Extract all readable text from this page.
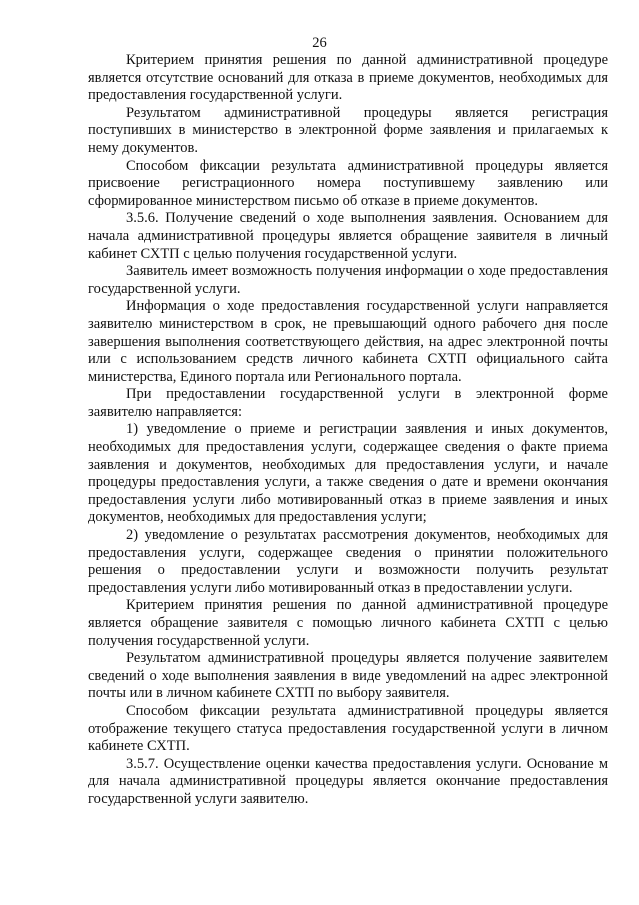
26

Критерием принятия решения по данной административной процедуре является отсутствие оснований для отказа в приеме документов, необходимых для предоставления государственной услуги.

Результатом административной процедуры является регистрация поступивших в министерство в электронной форме заявления и прилагаемых к нему документов.

Способом фиксации результата административной процедуры является присвоение регистрационного номера поступившему заявлению или сформированное министерством письмо об отказе в приеме документов.

3.5.6. Получение сведений о ходе выполнения заявления. Основанием для начала административной процедуры является обращение заявителя в личный кабинет СХТП с целью получения государственной услуги.

Заявитель имеет возможность получения информации о ходе предоставления государственной услуги.

Информация о ходе предоставления государственной услуги направляется заявителю министерством в срок, не превышающий одного рабочего дня после завершения выполнения соответствующего действия, на адрес электронной почты или с использованием средств личного кабинета СХТП официального сайта министерства, Единого портала или Регионального портала.

При предоставлении государственной услуги в электронной форме заявителю направляется:

1) уведомление о приеме и регистрации заявления и иных документов, необходимых для предоставления услуги, содержащее сведения о факте приема заявления и документов, необходимых для предоставления услуги, и начале процедуры предоставления услуги, а также сведения о дате и времени окончания предоставления услуги либо мотивированный отказ в приеме заявления и иных документов, необходимых для предоставления услуги;

2) уведомление о результатах рассмотрения документов, необходимых для предоставления услуги, содержащее сведения о принятии положительного решения о предоставлении услуги и возможности получить результат предоставления услуги либо мотивированный отказ в предоставлении услуги.

Критерием принятия решения по данной административной процедуре является обращение заявителя с помощью личного кабинета СХТП с целью получения государственной услуги.

Результатом административной процедуры является получение заявителем сведений о ходе выполнения заявления в виде уведомлений на адрес электронной почты или в личном кабинете СХТП по выбору заявителя.

Способом фиксации результата административной процедуры является отображение текущего статуса предоставления государственной услуги в личном кабинете СХТП.

3.5.7. Осуществление оценки качества предоставления услуги. Основание м для начала административной процедуры является окончание предоставления государственной услуги заявителю.
